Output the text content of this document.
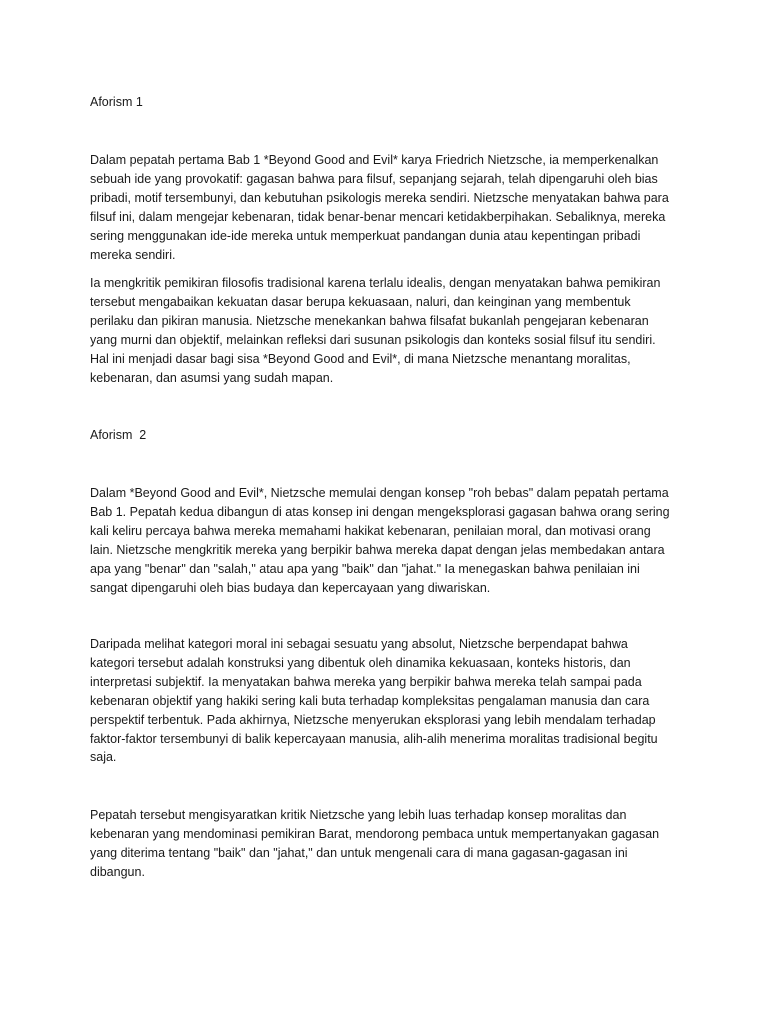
Aforism 1

Dalam pepatah pertama Bab 1 *Beyond Good and Evil* karya Friedrich Nietzsche, ia memperkenalkan
sebuah ide yang provokatif: gagasan bahwa para filsuf, sepanjang sejarah, telah dipengaruhi oleh bias
pribadi, motif tersembunyi, dan kebutuhan psikologis mereka sendiri. Nietzsche menyatakan bahwa para
filsuf ini, dalam mengejar kebenaran, tidak benar-benar mencari ketidakberpihakan. Sebaliknya, mereka
sering menggunakan ide-ide mereka untuk memperkuat pandangan dunia atau kepentingan pribadi
mereka sendiri.

Ia mengkritik pemikiran filosofis tradisional karena terlalu idealis, dengan menyatakan bahwa pemikiran
tersebut mengabaikan kekuatan dasar berupa kekuasaan, naluri, dan keinginan yang membentuk
perilaku dan pikiran manusia. Nietzsche menekankan bahwa filsafat bukanlah pengejaran kebenaran
yang murni dan objektif, melainkan refleksi dari susunan psikologis dan konteks sosial filsuf itu sendiri.
Hal ini menjadi dasar bagi sisa *Beyond Good and Evil*, di mana Nietzsche menantang moralitas,
kebenaran, dan asumsi yang sudah mapan.

Aforism  2

Dalam *Beyond Good and Evil*, Nietzsche memulai dengan konsep "roh bebas" dalam pepatah pertama
Bab 1. Pepatah kedua dibangun di atas konsep ini dengan mengeksplorasi gagasan bahwa orang sering
kali keliru percaya bahwa mereka memahami hakikat kebenaran, penilaian moral, dan motivasi orang
lain. Nietzsche mengkritik mereka yang berpikir bahwa mereka dapat dengan jelas membedakan antara
apa yang "benar" dan "salah," atau apa yang "baik" dan "jahat." Ia menegaskan bahwa penilaian ini
sangat dipengaruhi oleh bias budaya dan kepercayaan yang diwariskan.

Daripada melihat kategori moral ini sebagai sesuatu yang absolut, Nietzsche berpendapat bahwa
kategori tersebut adalah konstruksi yang dibentuk oleh dinamika kekuasaan, konteks historis, dan
interpretasi subjektif. Ia menyatakan bahwa mereka yang berpikir bahwa mereka telah sampai pada
kebenaran objektif yang hakiki sering kali buta terhadap kompleksitas pengalaman manusia dan cara
perspektif terbentuk. Pada akhirnya, Nietzsche menyerukan eksplorasi yang lebih mendalam terhadap
faktor-faktor tersembunyi di balik kepercayaan manusia, alih-alih menerima moralitas tradisional begitu
saja.

Pepatah tersebut mengisyaratkan kritik Nietzsche yang lebih luas terhadap konsep moralitas dan
kebenaran yang mendominasi pemikiran Barat, mendorong pembaca untuk mempertanyakan gagasan
yang diterima tentang "baik" dan "jahat," dan untuk mengenali cara di mana gagasan-gagasan ini
dibangun.
